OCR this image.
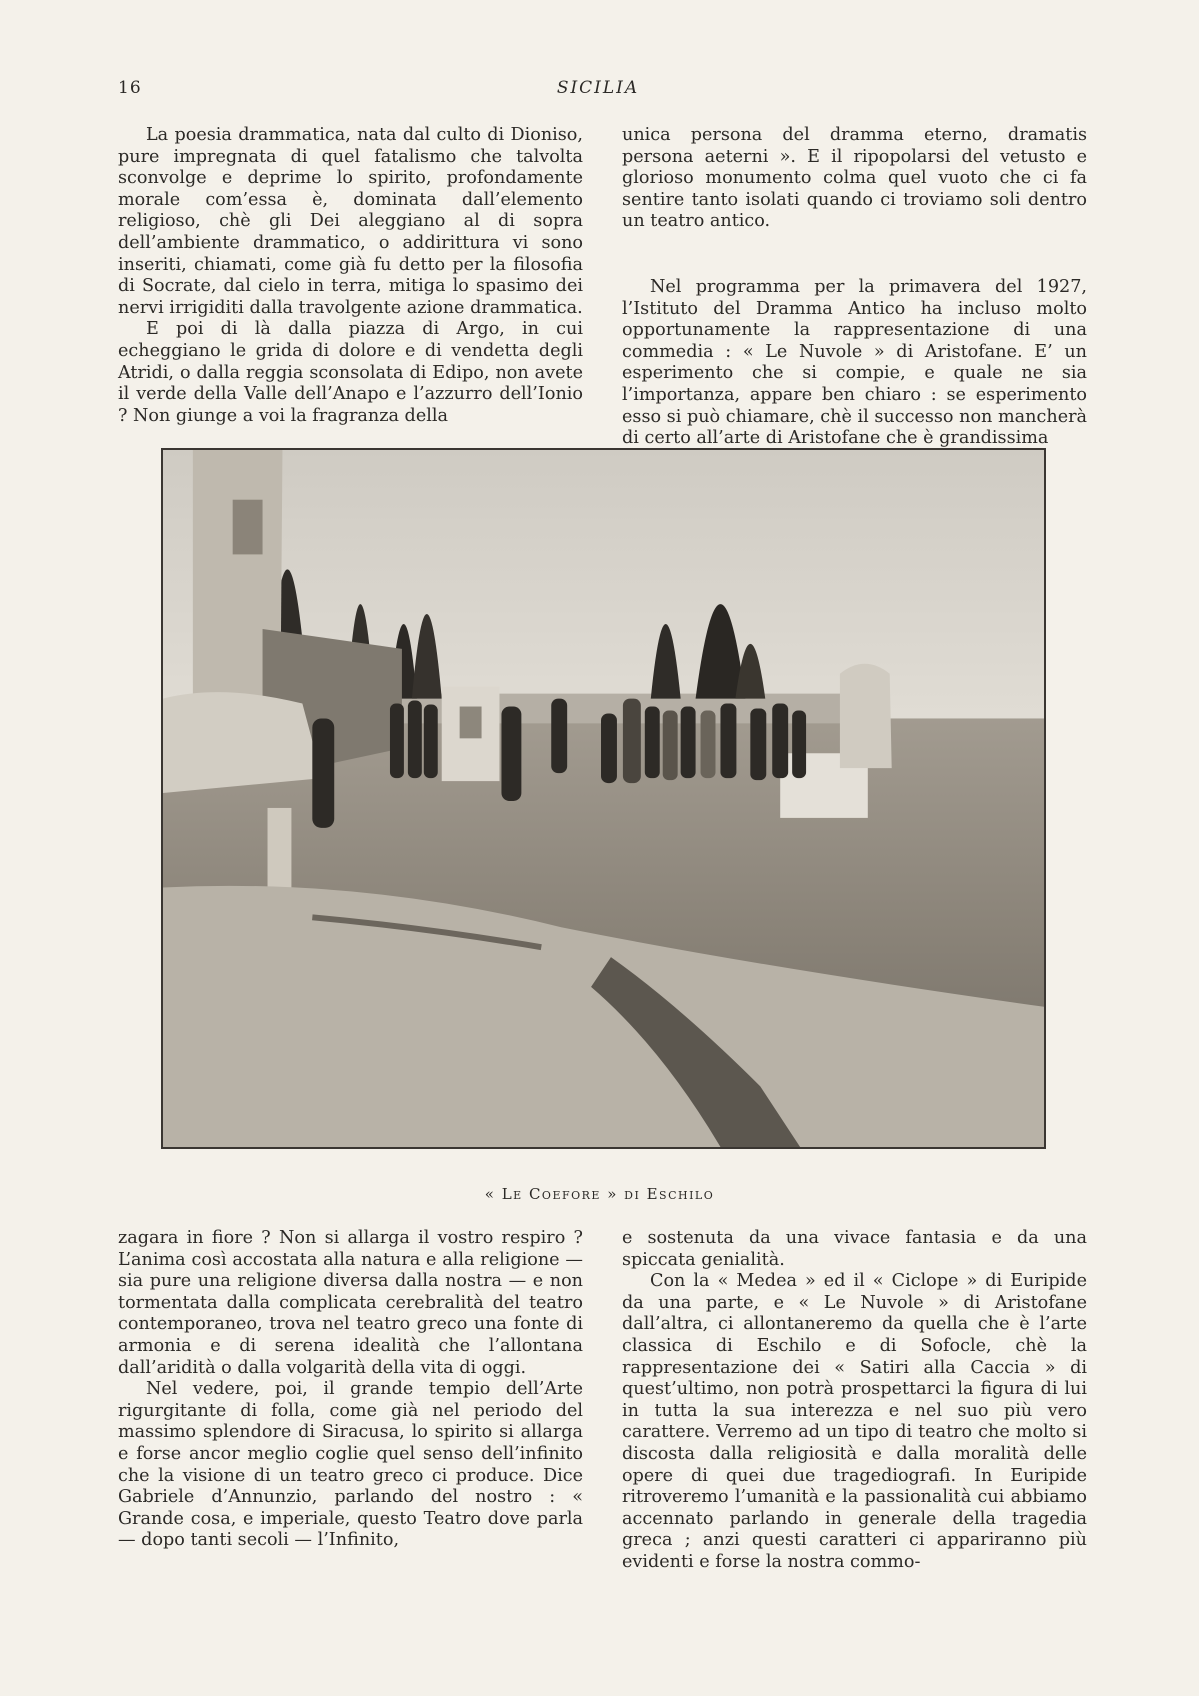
16	SICILIA

La poesia drammatica, nata dal culto di Dioniso, pure impregnata di quel fatalismo che talvolta sconvolge e deprime lo spirito, profondamente morale com’essa è, dominata dall’elemento religioso, chè gli Dei aleggiano al di sopra dell’ambiente drammatico, o addirittura vi sono inseriti, chiamati, come già fu detto per la filosofia di Socrate, dal cielo in terra, mitiga lo spasimo dei nervi irrigiditi dalla travolgente azione drammatica.

E poi di là dalla piazza di Argo, in cui echeggiano le grida di dolore e di vendetta degli Atridi, o dalla reggia sconsolata di Edipo, non avete il verde della Valle dell’Anapo e l’azzurro dell’Ionio ? Non giunge a voi la fragranza della

unica persona del dramma eterno, dramatis persona aeterni ». E il ripopolarsi del vetusto e glorioso monumento colma quel vuoto che ci fa sentire tanto isolati quando ci troviamo soli dentro un teatro antico.

Nel programma per la primavera del 1927, l’Istituto del Dramma Antico ha incluso molto opportunamente la rappresentazione di una commedia : « Le Nuvole » di Aristofane. E’ un esperimento che si compie, e quale ne sia l’importanza, appare ben chiaro : se esperimento esso si può chiamare, chè il successo non mancherà di certo all’arte di Aristofane che è grandissima

« Le Coefore » di Eschilo

zagara in fiore ? Non si allarga il vostro respiro ? L’anima così accostata alla natura e alla religione — sia pure una religione diversa dalla nostra — e non tormentata dalla complicata cerebralità del teatro contemporaneo, trova nel teatro greco una fonte di armonia e di serena idealità che l’allontana dall’aridità o dalla volgarità della vita di oggi.

Nel vedere, poi, il grande tempio dell’Arte rigurgitante di folla, come già nel periodo del massimo splendore di Siracusa, lo spirito si allarga e forse ancor meglio coglie quel senso dell’infinito che la visione di un teatro greco ci produce. Dice Gabriele d’Annunzio, parlando del nostro : « Grande cosa, e imperiale, questo Teatro dove parla — dopo tanti secoli — l’Infinito,

e sostenuta da una vivace fantasia e da una spiccata genialità.

Con la « Medea » ed il « Ciclope » di Euripide da una parte, e « Le Nuvole » di Aristofane dall’altra, ci allontaneremo da quella che è l’arte classica di Eschilo e di Sofocle, chè la rappresentazione dei « Satiri alla Caccia » di quest’ultimo, non potrà prospettarci la figura di lui in tutta la sua interezza e nel suo più vero carattere. Verremo ad un tipo di teatro che molto si discosta dalla religiosità e dalla moralità delle opere di quei due tragediografi. In Euripide ritroveremo l’umanità e la passionalità cui abbiamo accennato parlando in generale della tragedia greca ; anzi questi caratteri ci appariranno più evidenti e forse la nostra commo-
